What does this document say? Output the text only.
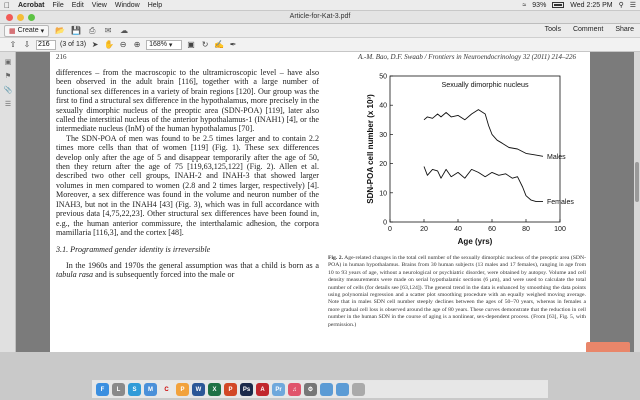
Acrobat File Edit View Window Help	≈ 93%	Wed 2:25 PM ⚲ ☰
Article-for-Kat-3.pdf
▦ Create ▾ 📂 💾 ⎙ ✉ ☁	Tools Comment Share
⇧ ⇩
216	(3 of 13) ➤ ✋ ⊖ ⊕ 168% ▾	▣ ↻ ✍ ✒
▣
⚑
📎
☰
216	A.-M. Bao, D.F. Swaab / Frontiers in Neuroendocrinology 32 (2011) 214–226

differences – from the macroscopic to the ultramicroscopic level – have also been observed in the adult brain [116], together with a large number of functional sex differences in a variety of brain regions [120]. Our group was the first to find a structural sex difference in the hypothalamus, more precisely in the sexually dimorphic nucleus of the preoptic area (SDN-POA) [119], later also called the interstitial nucleus of the anterior hypothalamus-1 (INAH1) [4], or the intermediate nucleus (InM) of the human hypothalamus [70].

The SDN-POA of men was found to be 2.5 times larger and to contain 2.2 times more cells than that of women [119] (Fig. 1). These sex differences develop only after the age of 5 and disappear temporarily after the age of 50, then they return after the age of 75 [119,63,125,122] (Fig. 2). Allen et al. described two other cell groups, INAH-2 and INAH-3 that showed larger volumes in men compared to women (2.8 and 2 times larger, respectively) [4]. Moreover, a sex difference was found in the volume and neuron number of the INAH3, but not in the INAH4 [43] (Fig. 3), which was in full accordance with previous data [4,75,22,23]. Other structural sex differences have been found in, e.g., the human anterior commissure, the interthalamic adhesion, the corpora mamillaria [116,3], and the cortex [48].

3.1. Programmed gender identity is irreversible

In the 1960s and 1970s the general assumption was that a child is born as a tabula rasa and is subsequently forced into the male or

0	20	40	60	80	100
0
10
20
30
40
50
Sexually dimorphic nucleus
Age (yrs)
SDN-POA cell number (x 10³)	Males
Females
Fig. 2. Age-related changes in the total cell number of the sexually dimorphic nucleus of the preoptic area (SDN-POA) in human hypothalamus. Brains from 30 human subjects (13 males and 17 females), ranging in age from 10 to 93 years of age, without a neurological or psychiatric disorder, were obtained by autopsy. Volume and cell density measurements were made on serial hypothalamic sections (6 μm), and were used to calculate the total number of cells (for details see [63,124]). The general trend in the data is enhanced by smoothing the data points using polynomial regression and a scatter plot smoothing procedure with an equally weighed moving average. Note that in males SDN cell number steeply declines between the ages of 50–70 years, whereas in females a more gradual cell loss is observed around the age of 80 years. These curves demonstrate that the reduction in cell number in the human SDN in the course of aging is a nonlinear, sex-dependent process. (From [63], Fig. 5, with permission.)
F	L	S	M	C	P	W	X	P	Ps	A	Pr	♫	⚙
